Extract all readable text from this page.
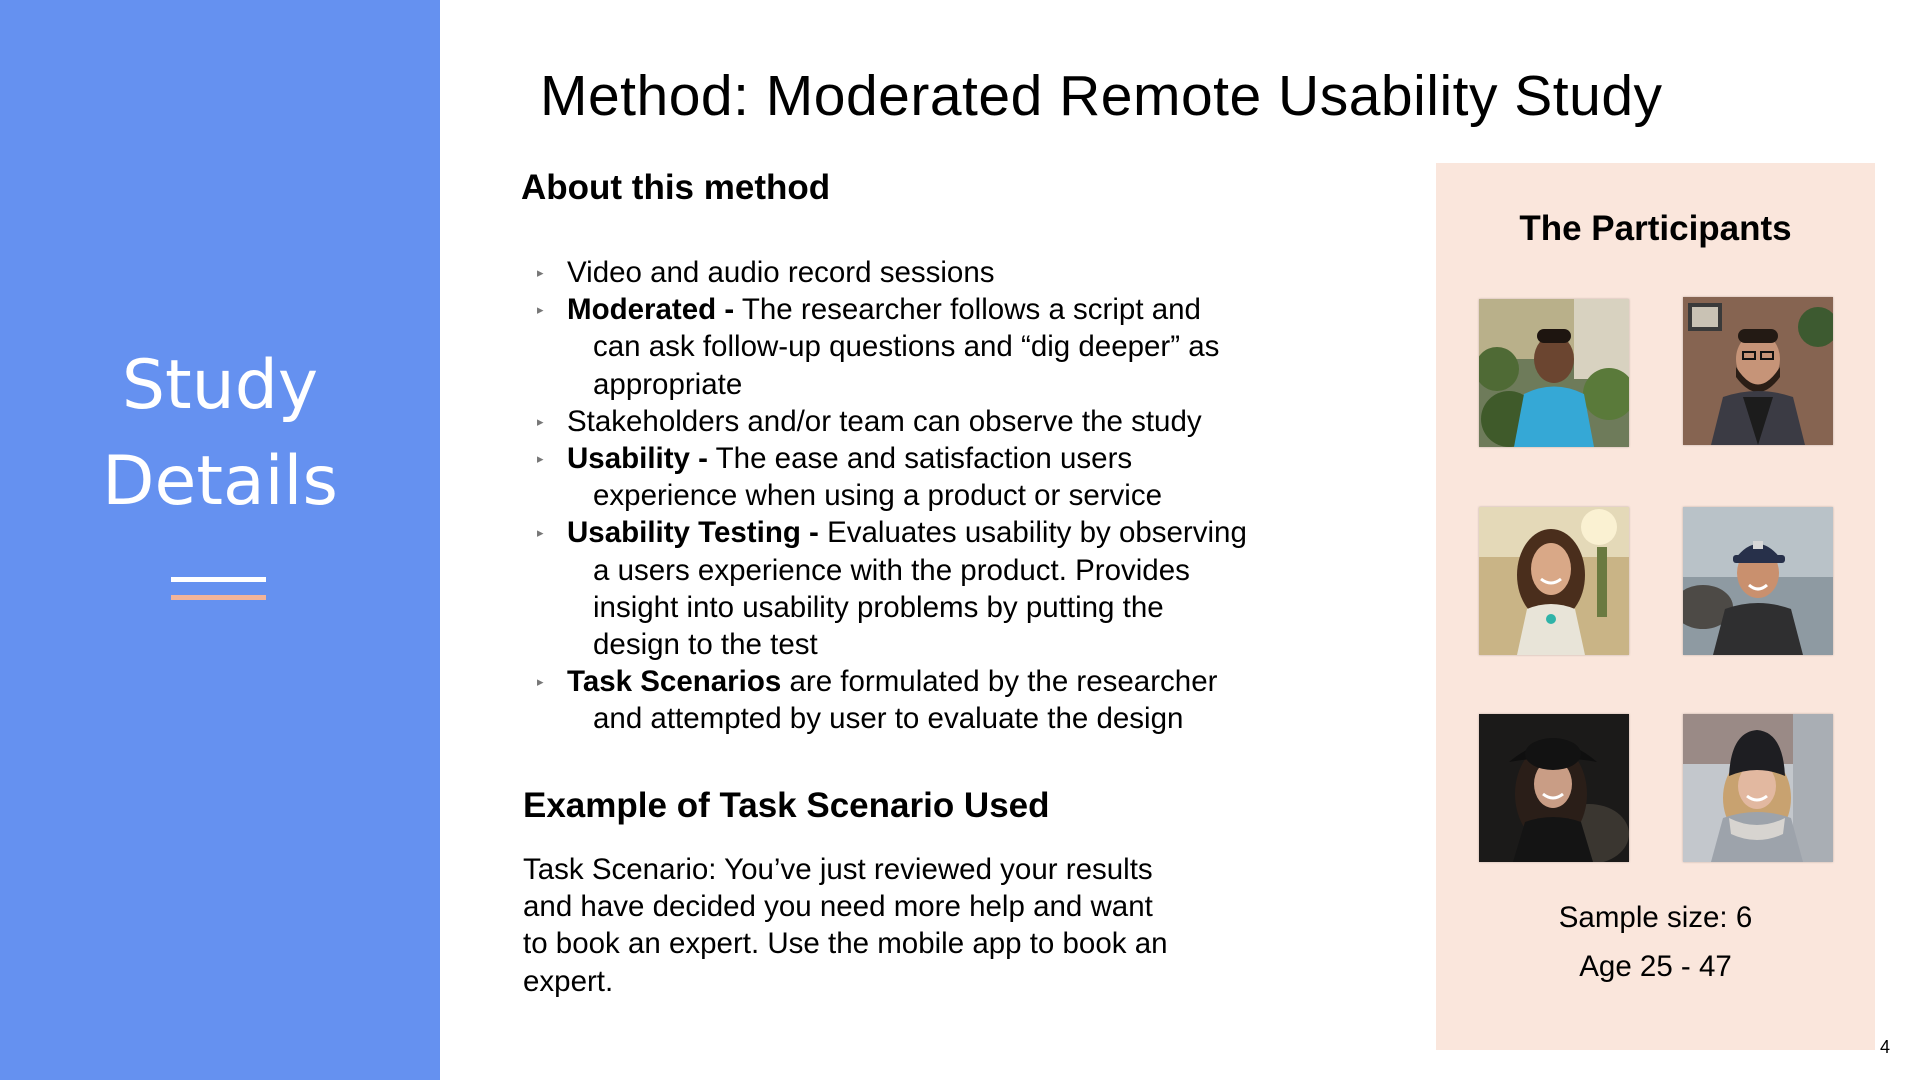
Study
Details
Method: Moderated Remote Usability Study
About this method
▸ Video and audio record sessions
▸ Moderated - The researcher follows a script and
can ask follow-up questions and “dig deeper” as
appropriate
▸ Stakeholders and/or team can observe the study
▸ Usability - The ease and satisfaction users
experience when using a product or service
▸ Usability Testing - Evaluates usability by observing
a users experience with the product. Provides
insight into usability problems by putting the
design to the test
▸ Task Scenarios are formulated by the researcher
and attempted by user to evaluate the design
Example of Task Scenario Used

Task Scenario: You’ve just reviewed your results
and have decided you need more help and want
to book an expert. Use the mobile app to book an
expert.

The Participants
Sample size: 6
Age 25 - 47
4
